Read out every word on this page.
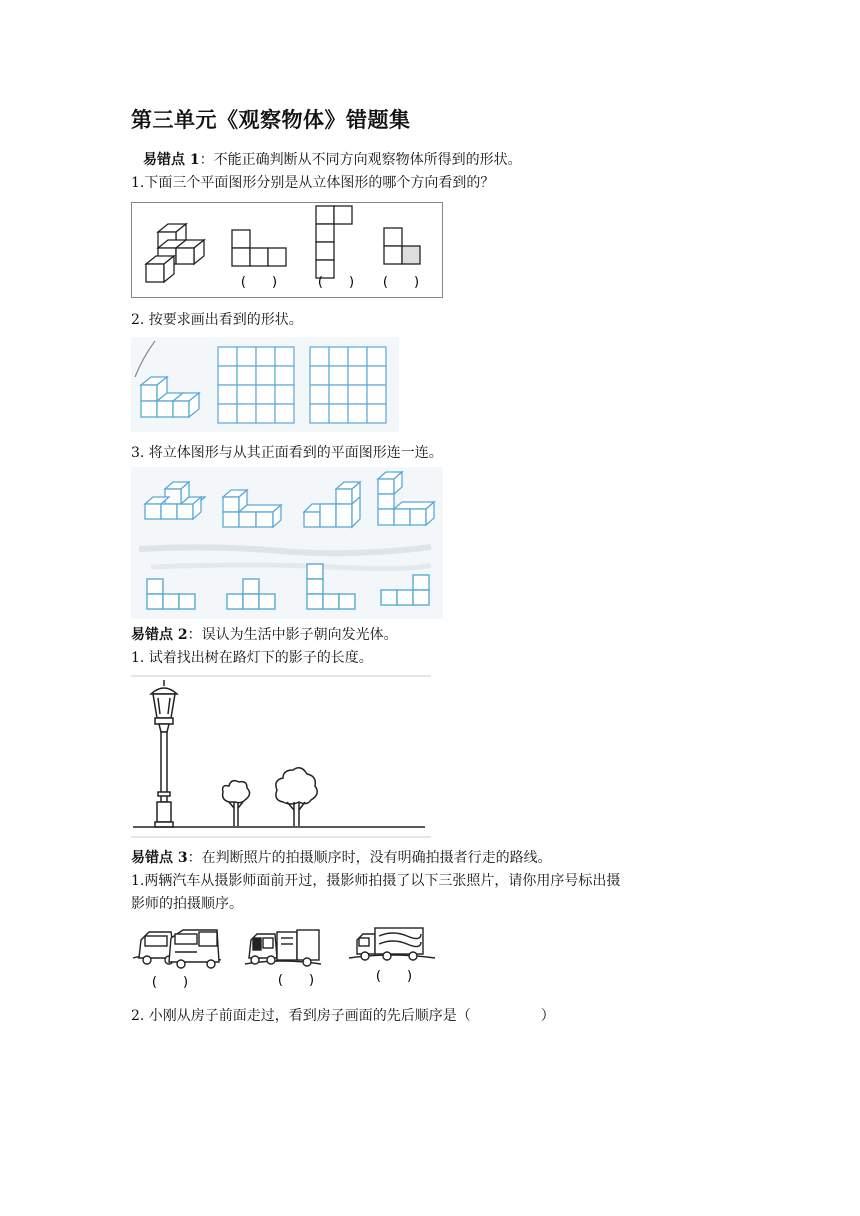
第三单元《观察物体》错题集
易错点 1：不能正确判断从不同方向观察物体所得到的形状。
1.下面三个平面图形分别是从立体图形的哪个方向看到的？
(　　)	(　　) (　　)
2. 按要求画出看到的形状。
3. 将立体图形与从其正面看到的平面图形连一连。
易错点 2：误认为生活中影子朝向发光体。
1. 试着找出树在路灯下的影子的长度。
易错点 3：在判断照片的拍摄顺序时，没有明确拍摄者行走的路线。
1.两辆汽车从摄影师面前开过，摄影师拍摄了以下三张照片，请你用序号标出摄
影师的拍摄顺序。
(　　)	(　　)	(　　)
2. 小刚从房子前面走过，看到房子画面的先后顺序是（　　　　　）
